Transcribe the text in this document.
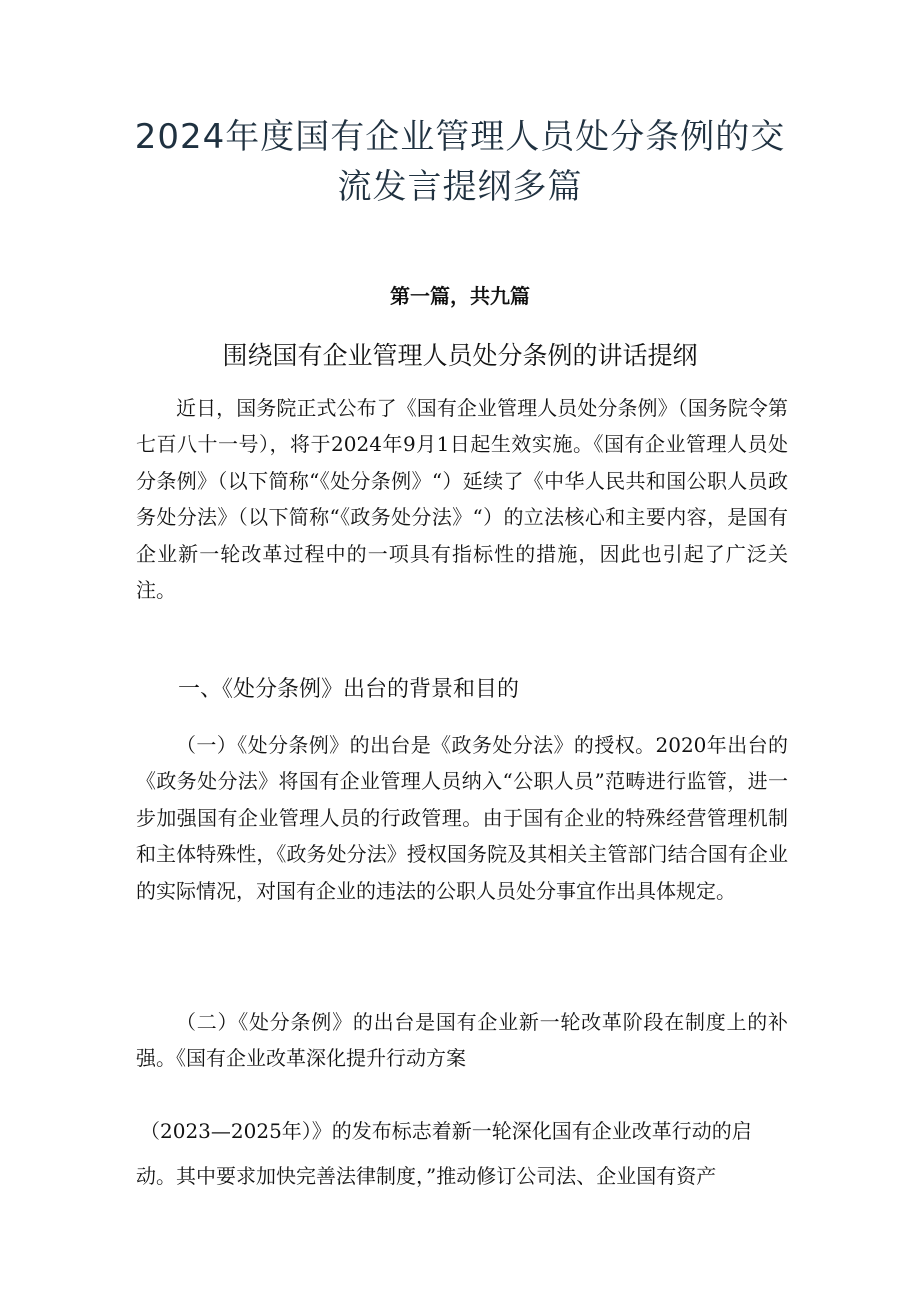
2024年度国有企业管理人员处分条例的交
流发言提纲多篇
第一篇，共九篇
围绕国有企业管理人员处分条例的讲话提纲

近日，国务院正式公布了《国有企业管理人员处分条例》（国务院令第七百八十一号），将于2024年9月1日起生效实施。《国有企业管理人员处分条例》（以下简称“《处分条例》“）延续了《中华人民共和国公职人员政务处分法》（以下简称“《政务处分法》“）的立法核心和主要内容，是国有企业新一轮改革过程中的一项具有指标性的措施，因此也引起了广泛关注。

一、《处分条例》出台的背景和目的

（一）《处分条例》的出台是《政务处分法》的授权。2020年出台的《政务处分法》将国有企业管理人员纳入“公职人员”范畴进行监管，进一步加强国有企业管理人员的行政管理。由于国有企业的特殊经营管理机制和主体特殊性，《政务处分法》授权国务院及其相关主管部门结合国有企业的实际情况，对国有企业的违法的公职人员处分事宜作出具体规定。

（二）《处分条例》的出台是国有企业新一轮改革阶段在制度上的补强。《国有企业改革深化提升行动方案

（2023—2025年）》的发布标志着新一轮深化国有企业改革行动的启
动。其中要求加快完善法律制度，”推动修订公司法、企业国有资产
